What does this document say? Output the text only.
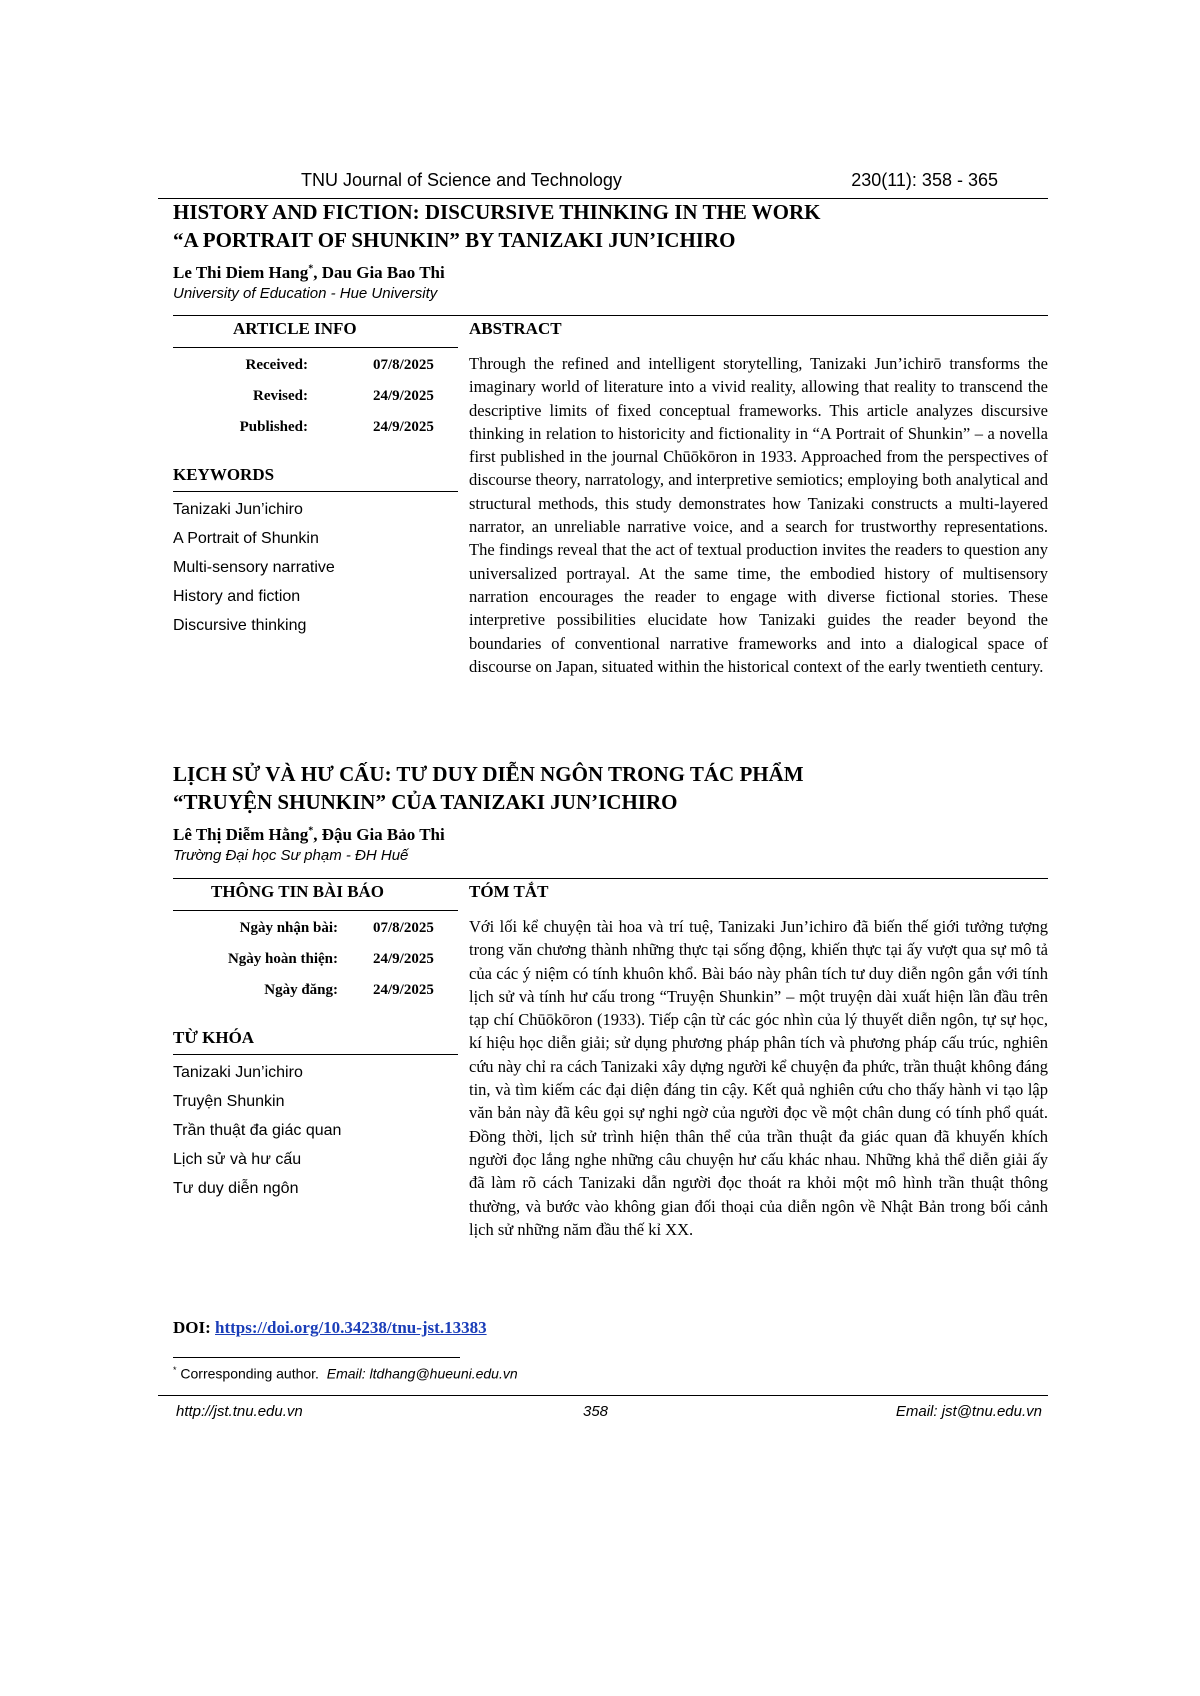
TNU Journal of Science and Technology	230(11): 358 - 365

HISTORY AND FICTION: DISCURSIVE THINKING IN THE WORK

“A PORTRAIT OF SHUNKIN” BY TANIZAKI JUN’ICHIRO

Le Thi Diem Hang*, Dau Gia Bao Thi

University of Education - Hue University

ARTICLE INFO	ABSTRACT
Received:	07/8/2025
Revised:	24/9/2025
Published:	24/9/2025
KEYWORDS
Tanizaki Jun’ichiro
A Portrait of Shunkin
Multi-sensory narrative
History and fiction
Discursive thinking

Through the refined and intelligent storytelling, Tanizaki Jun’ichirō transforms the imaginary world of literature into a vivid reality, allowing that reality to transcend the descriptive limits of fixed conceptual frameworks. This article analyzes discursive thinking in relation to historicity and fictionality in “A Portrait of Shunkin” – a novella first published in the journal Chūōkōron in 1933. Approached from the perspectives of discourse theory, narratology, and interpretive semiotics; employing both analytical and structural methods, this study demonstrates how Tanizaki constructs a multi-layered narrator, an unreliable narrative voice, and a search for trustworthy representations. The findings reveal that the act of textual production invites the readers to question any universalized portrayal. At the same time, the embodied history of multisensory narration encourages the reader to engage with diverse fictional stories. These interpretive possibilities elucidate how Tanizaki guides the reader beyond the boundaries of conventional narrative frameworks and into a dialogical space of discourse on Japan, situated within the historical context of the early twentieth century.

LỊCH SỬ VÀ HƯ CẤU: TƯ DUY DIỄN NGÔN TRONG TÁC PHẨM

“TRUYỆN SHUNKIN” CỦA TANIZAKI JUN’ICHIRO

Lê Thị Diễm Hằng*, Đậu Gia Bảo Thi

Trường Đại học Sư phạm - ĐH Huế

THÔNG TIN BÀI BÁO	TÓM TẮT
Ngày nhận bài: 07/8/2025
Ngày hoàn thiện: 24/9/2025
Ngày đăng: 24/9/2025
TỪ KHÓA
Tanizaki Jun’ichiro
Truyện Shunkin
Trần thuật đa giác quan
Lịch sử và hư cấu
Tư duy diễn ngôn

Với lối kể chuyện tài hoa và trí tuệ, Tanizaki Jun’ichiro đã biến thế giới tưởng tượng trong văn chương thành những thực tại sống động, khiến thực tại ấy vượt qua sự mô tả của các ý niệm có tính khuôn khổ. Bài báo này phân tích tư duy diễn ngôn gắn với tính lịch sử và tính hư cấu trong “Truyện Shunkin” – một truyện dài xuất hiện lần đầu trên tạp chí Chūōkōron (1933). Tiếp cận từ các góc nhìn của lý thuyết diễn ngôn, tự sự học, kí hiệu học diễn giải; sử dụng phương pháp phân tích và phương pháp cấu trúc, nghiên cứu này chỉ ra cách Tanizaki xây dựng người kể chuyện đa phức, trần thuật không đáng tin, và tìm kiếm các đại diện đáng tin cậy. Kết quả nghiên cứu cho thấy hành vi tạo lập văn bản này đã kêu gọi sự nghi ngờ của người đọc về một chân dung có tính phổ quát. Đồng thời, lịch sử trình hiện thân thể của trần thuật đa giác quan đã khuyến khích người đọc lắng nghe những câu chuyện hư cấu khác nhau. Những khả thể diễn giải ấy đã làm rõ cách Tanizaki dẫn người đọc thoát ra khỏi một mô hình trần thuật thông thường, và bước vào không gian đối thoại của diễn ngôn về Nhật Bản trong bối cảnh lịch sử những năm đầu thế kỉ XX.

DOI: https://doi.org/10.34238/tnu-jst.13383
* Corresponding author. Email: ltdhang@hueuni.edu.vn
http://jst.tnu.edu.vn	358	Email: jst@tnu.edu.vn
